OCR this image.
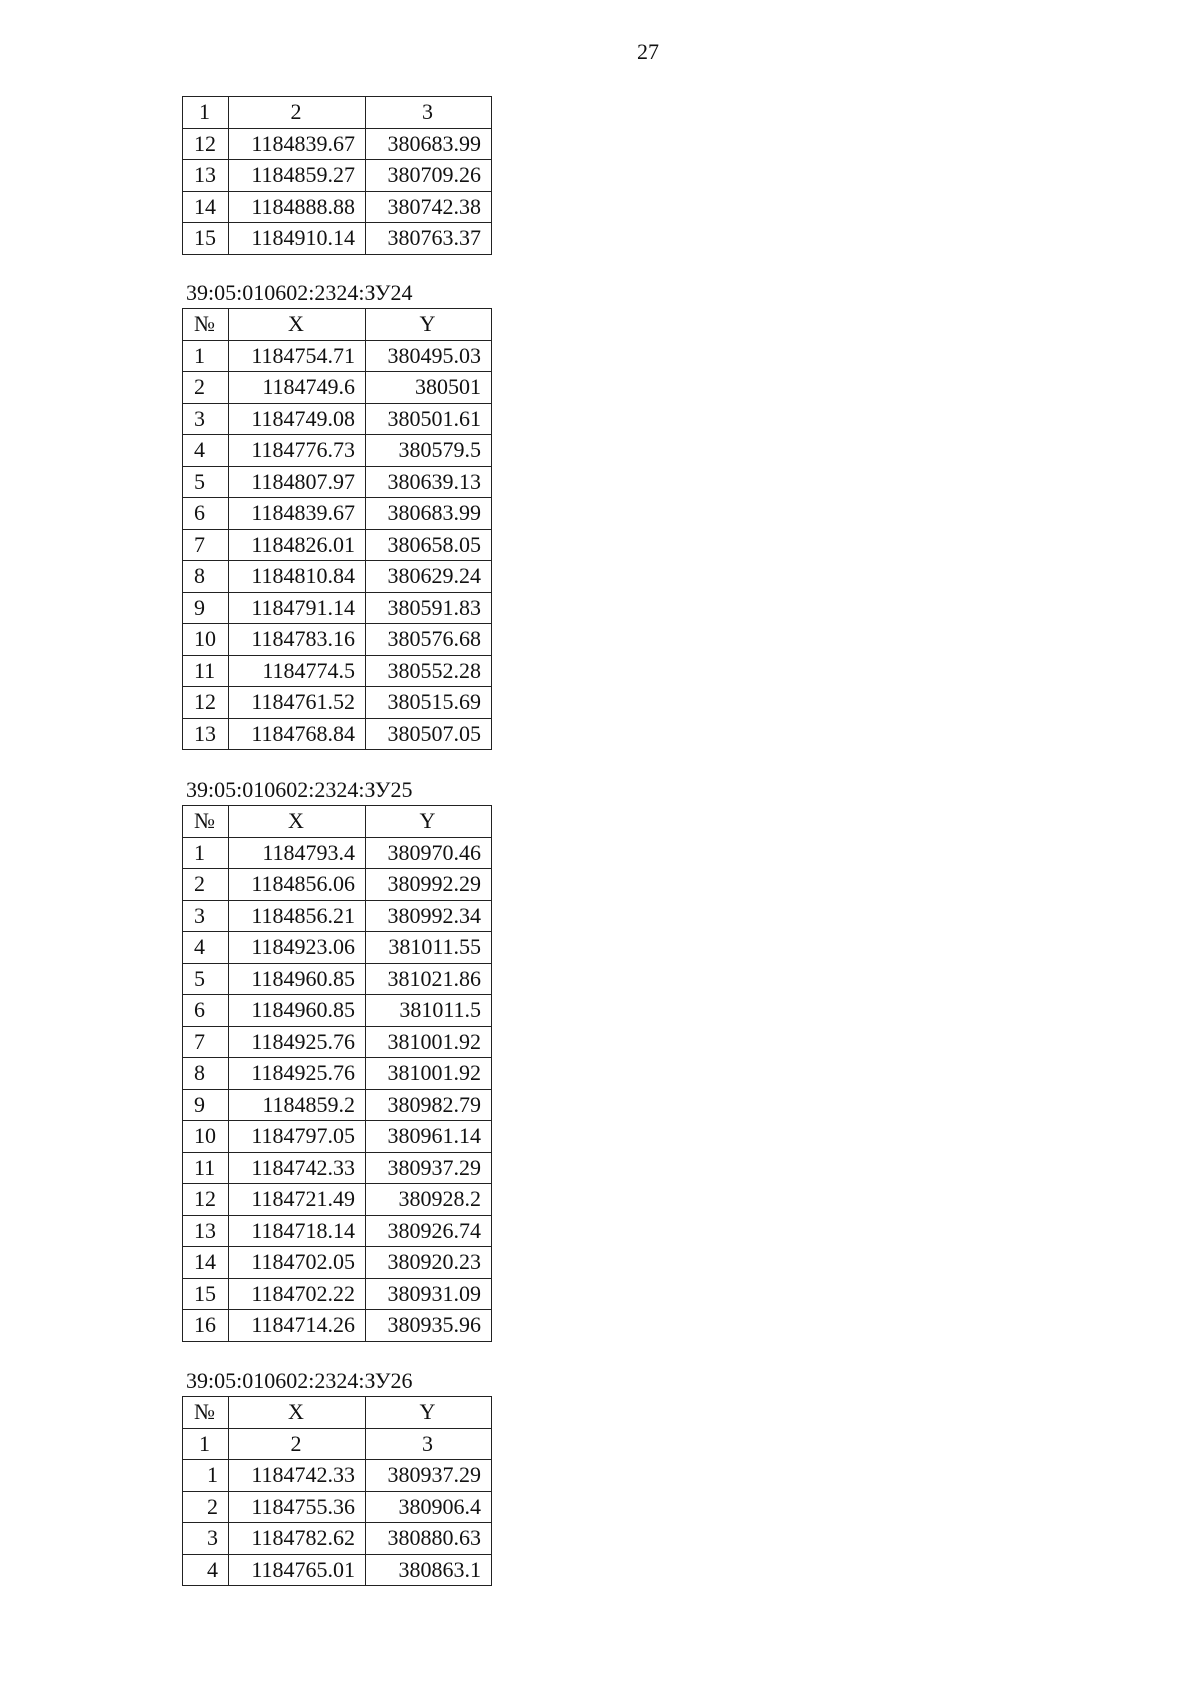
27
1	2	3
12	1184839.67	380683.99
13	1184859.27	380709.26
14	1184888.88	380742.38
15	1184910.14	380763.37
39:05:010602:2324:ЗУ24
№	X	Y
1	1184754.71	380495.03
2	1184749.6	380501
3	1184749.08	380501.61
4	1184776.73	380579.5
5	1184807.97	380639.13
6	1184839.67	380683.99
7	1184826.01	380658.05
8	1184810.84	380629.24
9	1184791.14	380591.83
10	1184783.16	380576.68
11	1184774.5	380552.28
12	1184761.52	380515.69
13	1184768.84	380507.05
39:05:010602:2324:ЗУ25
№	X	Y
1	1184793.4	380970.46
2	1184856.06	380992.29
3	1184856.21	380992.34
4	1184923.06	381011.55
5	1184960.85	381021.86
6	1184960.85	381011.5
7	1184925.76	381001.92
8	1184925.76	381001.92
9	1184859.2	380982.79
10	1184797.05	380961.14
11	1184742.33	380937.29
12	1184721.49	380928.2
13	1184718.14	380926.74
14	1184702.05	380920.23
15	1184702.22	380931.09
16	1184714.26	380935.96
39:05:010602:2324:ЗУ26
№	X	Y
1	2	3
1	1184742.33	380937.29
2	1184755.36	380906.4
3	1184782.62	380880.63
4	1184765.01	380863.1
